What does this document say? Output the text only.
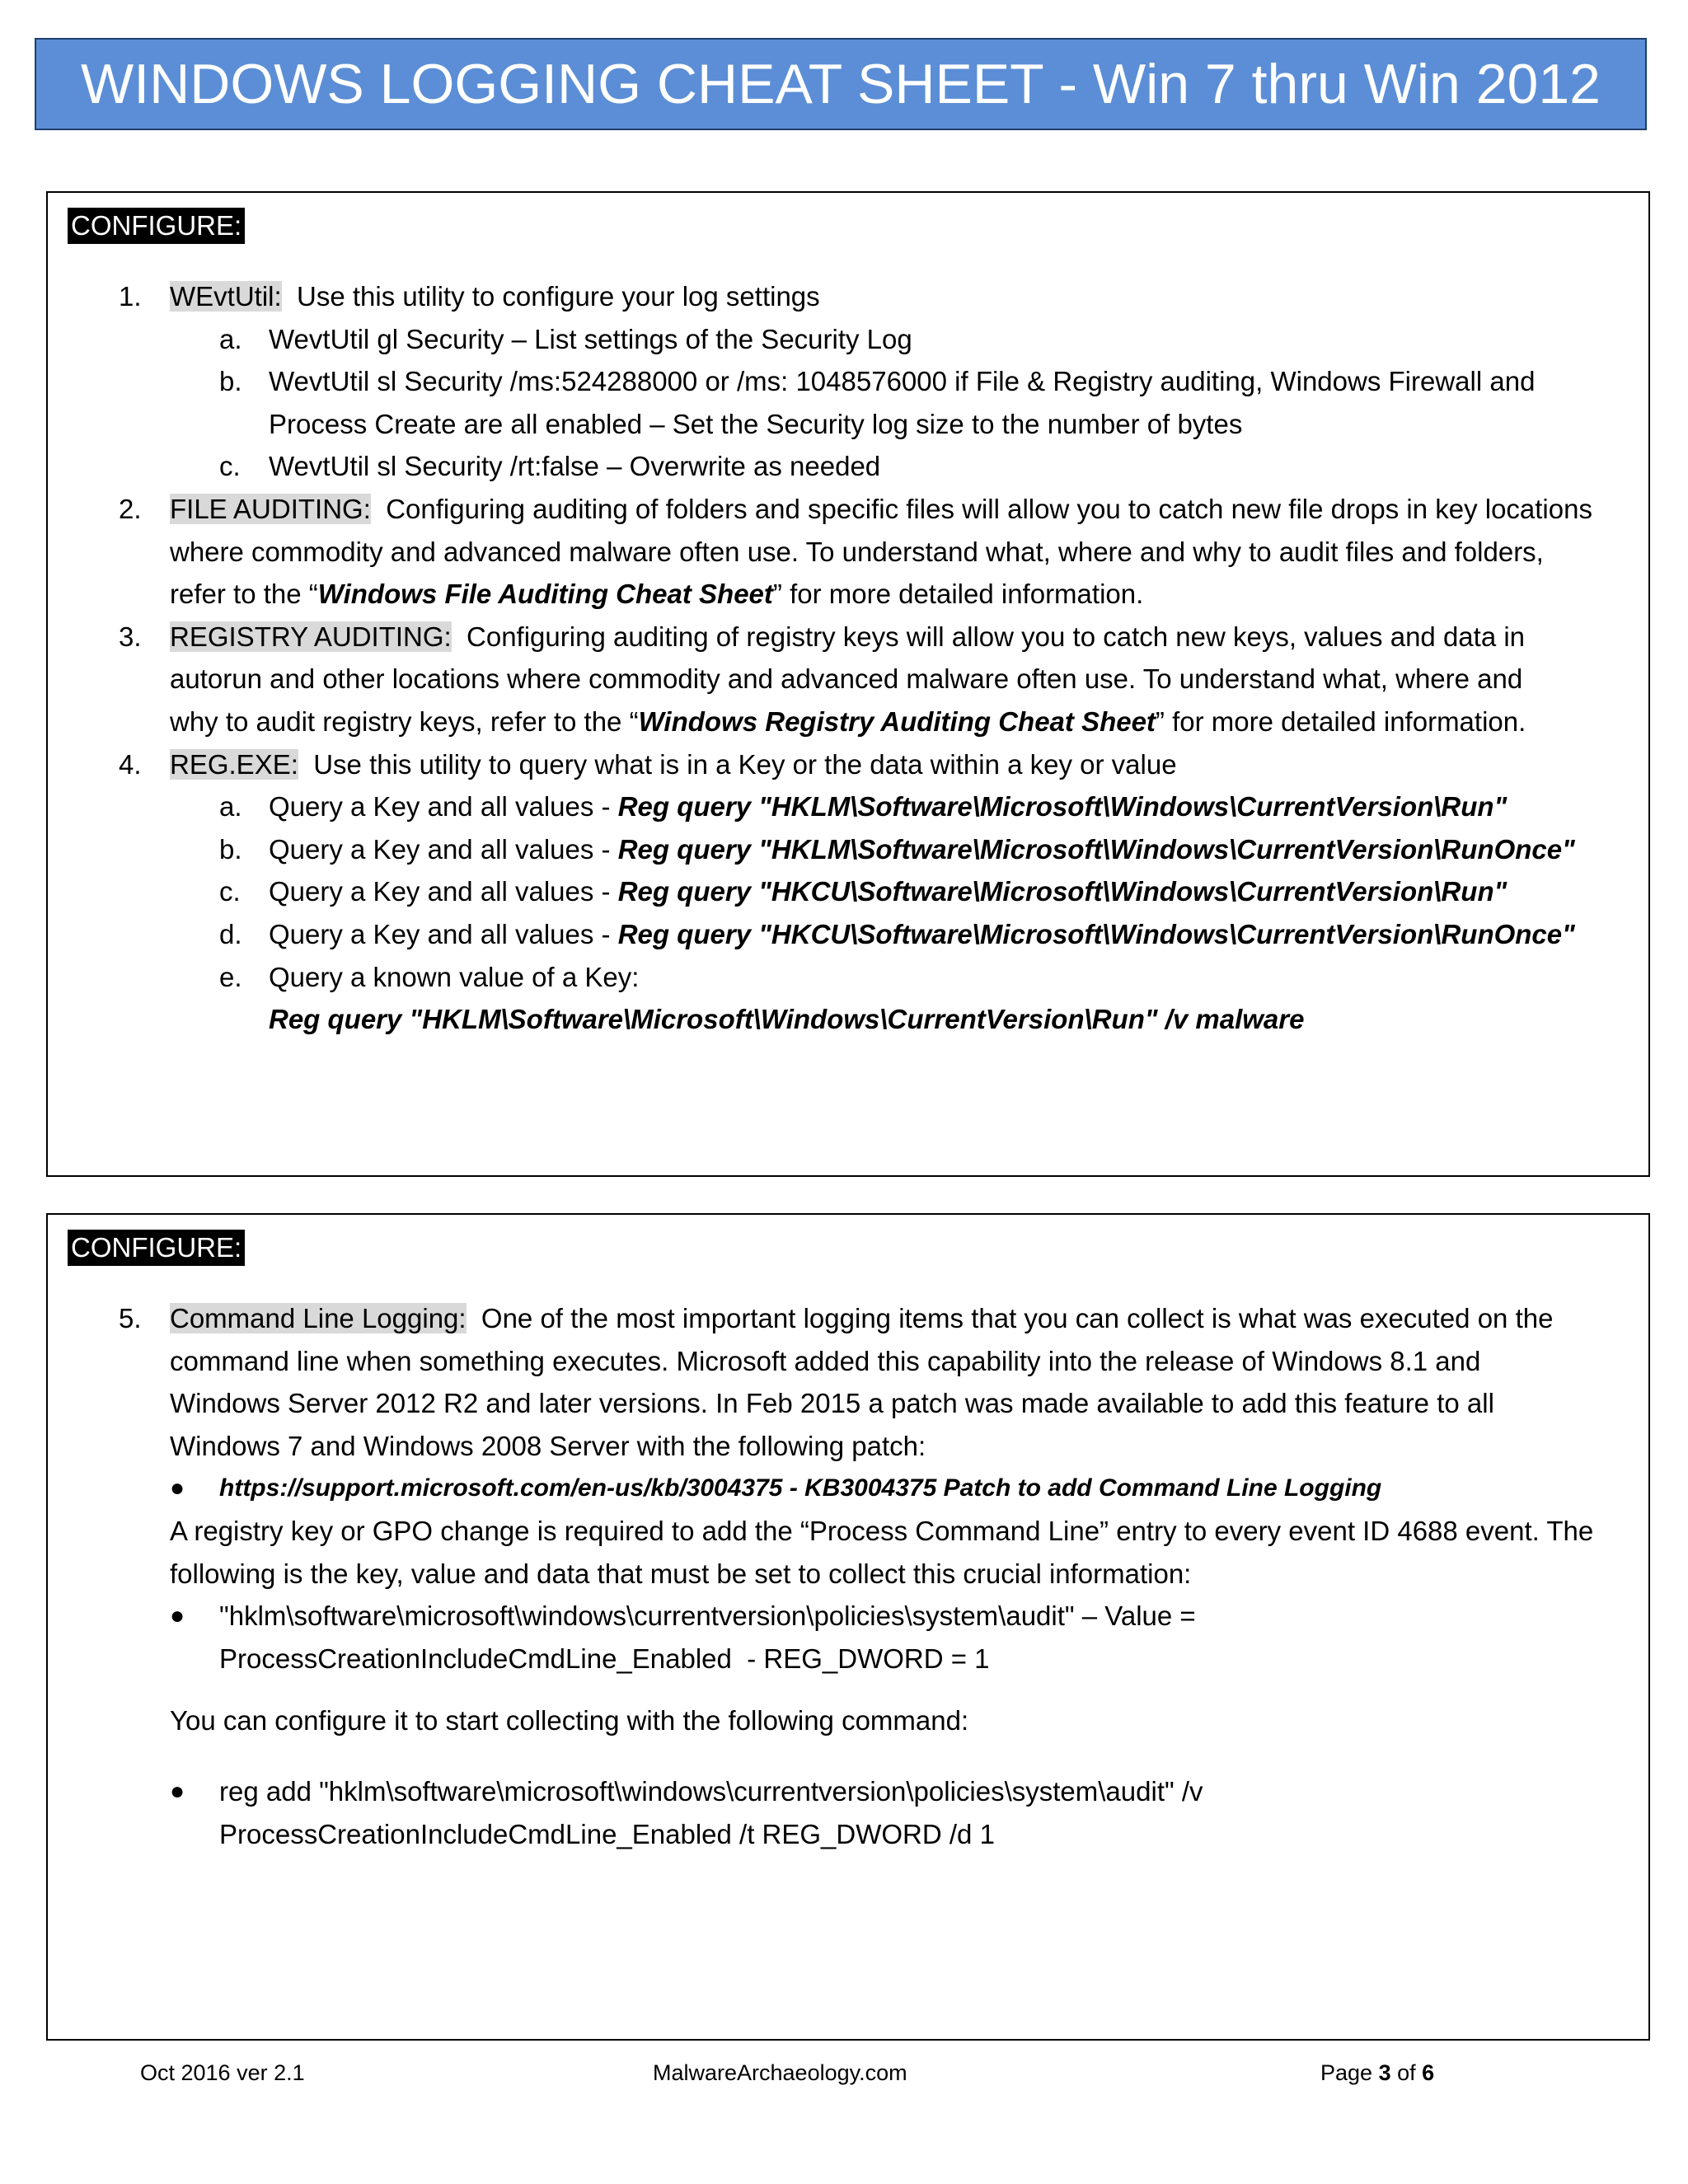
WINDOWS LOGGING CHEAT SHEET - Win 7 thru Win 2012
CONFIGURE:
1.	WEvtUtil:  Use this utility to configure your log settings
a. WevtUtil gl Security – List settings of the Security Log
b. WevtUtil sl Security /ms:524288000 or /ms: 1048576000 if File & Registry auditing, Windows Firewall and
Process Create are all enabled – Set the Security log size to the number of bytes
c.	WevtUtil sl Security /rt:false – Overwrite as needed
2.	FILE AUDITING:  Configuring auditing of folders and specific files will allow you to catch new file drops in key locations
where commodity and advanced malware often use. To understand what, where and why to audit files and folders,
refer to the “Windows File Auditing Cheat Sheet” for more detailed information.
3.	REGISTRY AUDITING:  Configuring auditing of registry keys will allow you to catch new keys, values and data in
autorun and other locations where commodity and advanced malware often use. To understand what, where and
why to audit registry keys, refer to the “Windows Registry Auditing Cheat Sheet” for more detailed information.
4.	REG.EXE:  Use this utility to query what is in a Key or the data within a key or value
a. Query a Key and all values - Reg query "HKLM\Software\Microsoft\Windows\CurrentVersion\Run"
b. Query a Key and all values - Reg query "HKLM\Software\Microsoft\Windows\CurrentVersion\RunOnce"
c.	Query a Key and all values - Reg query "HKCU\Software\Microsoft\Windows\CurrentVersion\Run"
d. Query a Key and all values - Reg query "HKCU\Software\Microsoft\Windows\CurrentVersion\RunOnce"
e. Query a known value of a Key:
Reg query "HKLM\Software\Microsoft\Windows\CurrentVersion\Run" /v malware
CONFIGURE:
5.	Command Line Logging:  One of the most important logging items that you can collect is what was executed on the
command line when something executes. Microsoft added this capability into the release of Windows 8.1 and
Windows Server 2012 R2 and later versions. In Feb 2015 a patch was made available to add this feature to all
Windows 7 and Windows 2008 Server with the following patch:
● https://support.microsoft.com/en-us/kb/3004375 - KB3004375 Patch to add Command Line Logging
A registry key or GPO change is required to add the “Process Command Line” entry to every event ID 4688 event. The
following is the key, value and data that must be set to collect this crucial information:
● "hklm\software\microsoft\windows\currentversion\policies\system\audit" – Value =
ProcessCreationIncludeCmdLine_Enabled  - REG_DWORD = 1
You can configure it to start collecting with the following command:
● reg add "hklm\software\microsoft\windows\currentversion\policies\system\audit" /v
ProcessCreationIncludeCmdLine_Enabled /t REG_DWORD /d 1
Oct 2016 ver 2.1	MalwareArchaeology.com	Page 3 of 6
